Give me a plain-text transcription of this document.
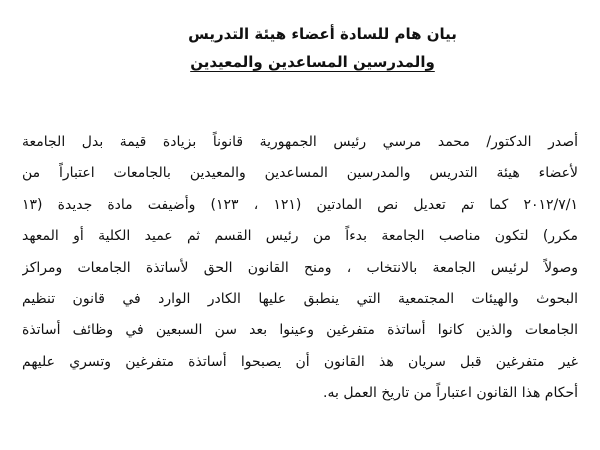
بيان هام للسادة أعضاء هيئة التدريس
والمدرسين المساعدين والمعيدين
أصدر الدكتور/ محمد مرسي رئيس الجمهورية قانوناً بزيادة قيمة بدل الجامعة
لأعضاء هيئة التدريس والمدرسين المساعدين والمعيدين بالجامعات اعتباراً من
٢٠١٢/٧/١ كما تم تعديل نص المادتين (١٢١ ، ١٢٣) وأضيفت مادة جديدة (١٣
مكرر) لتكون مناصب الجامعة بدءاً من رئيس القسم ثم عميد الكلية أو المعهد
وصولاً لرئيس الجامعة بالانتخاب ، ومنح القانون الحق لأساتذة الجامعات ومراكز
البحوث والهيئات المجتمعية التي ينطبق عليها الكادر الوارد في قانون تنظيم
الجامعات والذين كانوا أساتذة متفرغين وعينوا بعد سن السبعين في وظائف أساتذة
غير متفرغين قبل سريان هذ القانون أن يصبحوا أساتذة متفرغين وتسري عليهم
أحكام هذا القانون اعتباراً من تاريخ العمل به.
